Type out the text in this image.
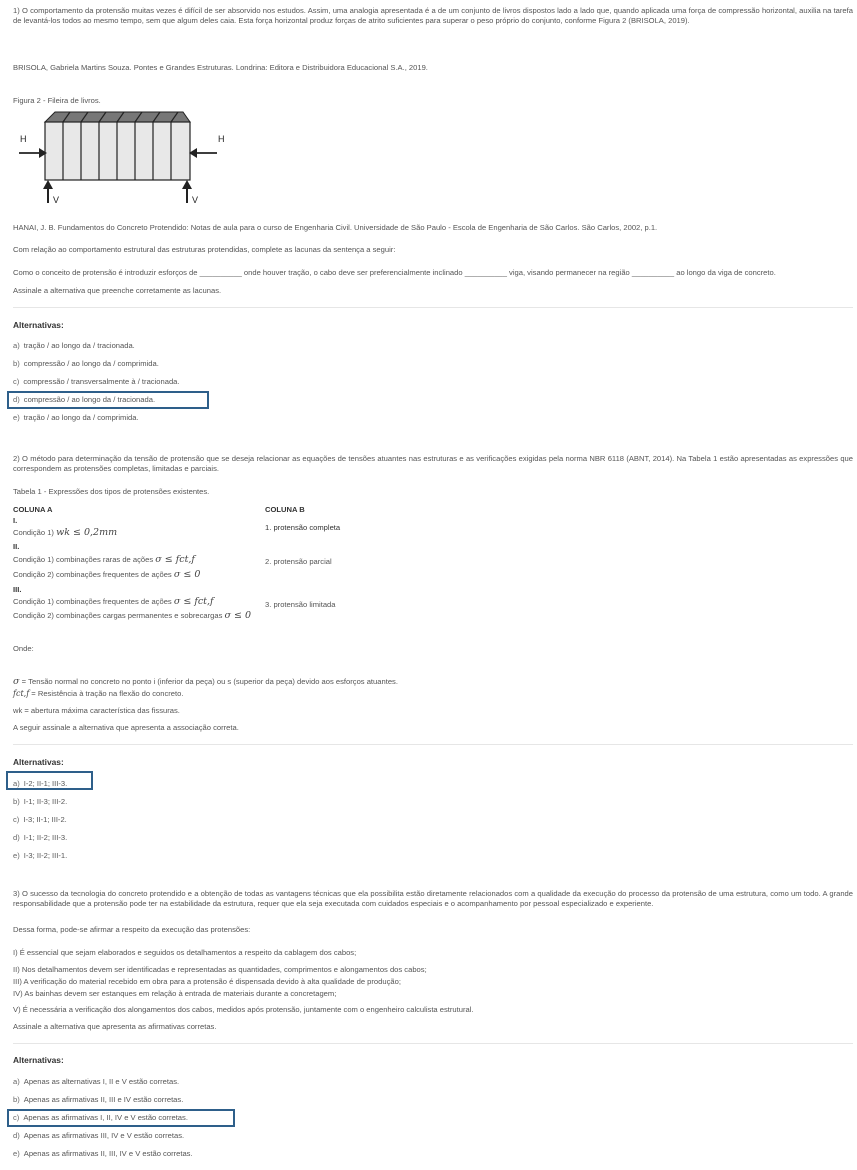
1) O comportamento da protensão muitas vezes é difícil de ser absorvido nos estudos. Assim, uma analogia apresentada é a de um conjunto de livros dispostos lado a lado que, quando aplicada uma força de compressão horizontal, auxilia na tarefa de levantá-los todos ao mesmo tempo, sem que algum deles caia. Esta força horizontal produz forças de atrito suficientes para superar o peso próprio do conjunto, conforme Figura 2 (BRISOLA, 2019).
BRISOLA, Gabriela Martins Souza. Pontes e Grandes Estruturas. Londrina: Editora e Distribuidora Educacional S.A., 2019.
Figura 2 - Fileira de livros.
H	H
V	V
HANAI, J. B. Fundamentos do Concreto Protendido: Notas de aula para o curso de Engenharia Civil. Universidade de São Paulo - Escola de Engenharia de São Carlos. São Carlos, 2002, p.1.
Com relação ao comportamento estrutural das estruturas protendidas, complete as lacunas da sentença a seguir:
Como o conceito de protensão é introduzir esforços de __________ onde houver tração, o cabo deve ser preferencialmente inclinado __________ viga, visando permanecer na região __________ ao longo da viga de concreto.
Assinale a alternativa que preenche corretamente as lacunas.
Alternativas:
a) tração / ao longo da / tracionada.
b) compressão / ao longo da / comprimida.
c) compressão / transversalmente à / tracionada.
d) compressão / ao longo da / tracionada.
e) tração / ao longo da / comprimida.
2) O método para determinação da tensão de protensão que se deseja relacionar as equações de tensões atuantes nas estruturas e as verificações exigidas pela norma NBR 6118 (ABNT, 2014). Na Tabela 1 estão apresentadas as expressões que correspondem as protensões completas, limitadas e parciais.
Tabela 1 - Expressões dos tipos de protensões existentes.
COLUNA A	COLUNA B
I.
Condição 1) wk ≤ 0,2mm	1. protensão completa
II.
Condição 1) combinações raras de ações σ ≤ fct,f	2. protensão parcial
Condição 2) combinações frequentes de ações σ ≤ 0
III.
Condição 1) combinações frequentes de ações σ ≤ fct,f	3. protensão limitada
Condição 2) combinações cargas permanentes e sobrecargas σ ≤ 0
Onde:
σ = Tensão normal no concreto no ponto i (inferior da peça) ou s (superior da peça) devido aos esforços atuantes.
fct,f = Resistência à tração na flexão do concreto.
wk = abertura máxima característica das fissuras.
A seguir assinale a alternativa que apresenta a associação correta.
Alternativas:
a) I-2; II-1; III-3.
b) I-1; II-3; III-2.
c) I-3; II-1; III-2.
d) I-1; II-2; III-3.
e) I-3; II-2; III-1.
3) O sucesso da tecnologia do concreto protendido e a obtenção de todas as vantagens técnicas que ela possibilita estão diretamente relacionados com a qualidade da execução do processo da protensão de uma estrutura, como um todo. A grande responsabilidade que a protensão pode ter na estabilidade da estrutura, requer que ela seja executada com cuidados especiais e o acompanhamento por pessoal especializado e experiente.
Dessa forma, pode-se afirmar a respeito da execução das protensões:
I) É essencial que sejam elaborados e seguidos os detalhamentos a respeito da cablagem dos cabos;
II) Nos detalhamentos devem ser identificadas e representadas as quantidades, comprimentos e alongamentos dos cabos;
III) A verificação do material recebido em obra para a protensão é dispensada devido à alta qualidade de produção;
IV) As bainhas devem ser estanques em relação à entrada de materiais durante a concretagem;
V) É necessária a verificação dos alongamentos dos cabos, medidos após protensão, juntamente com o engenheiro calculista estrutural.
Assinale a alternativa que apresenta as afirmativas corretas.
Alternativas:
a) Apenas as alternativas I, II e V estão corretas.
b) Apenas as afirmativas II, III e IV estão corretas.
c) Apenas as afirmativas I, II, IV e V estão corretas.
d) Apenas as afirmativas III, IV e V estão corretas.
e) Apenas as afirmativas II, III, IV e V estão corretas.
